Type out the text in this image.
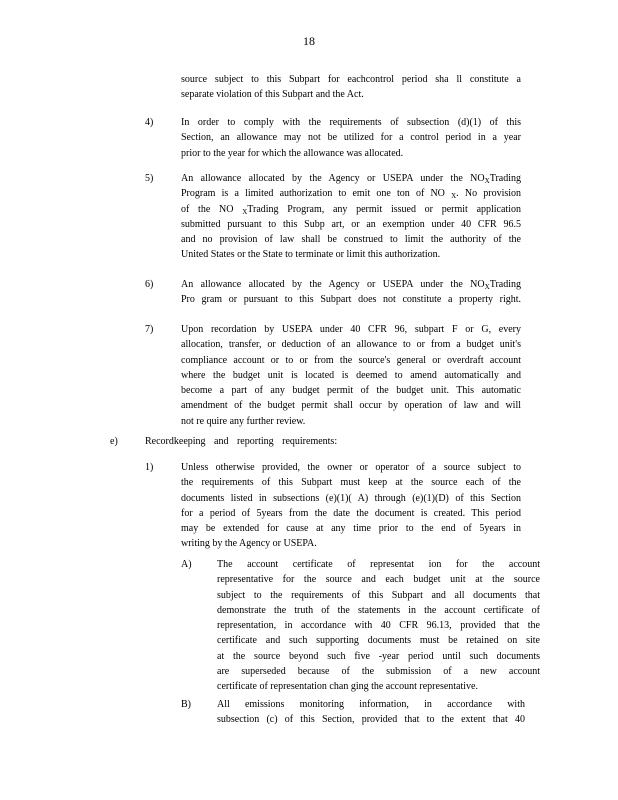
18
source subject to this Subpart for eachcontrol period sha ll constitute a
separate violation of this Subpart and the Act.
4)	In order to comply with the requirements of subsection (d)(1) of this
Section, an allowance may not be utilized for a control period in a year
prior to the year for which the allowance was allocated.
5)	An allowance allocated by the Agency or USEPA under the $NO_XTrading$
Program is a limited authorization to emit one ton of NO $_X$. No provision
of the NO $_X$Trading Program, any permit issued or permit application
submitted pursuant to this Subp art, or an exemption under 40 CFR 96.5
and no provision of law shall be construed to limit the authority of the
United States or the State to terminate or limit this authorization.
6)	An allowance allocated by the Agency or USEPA under the $NO_XTrading$
Pro gram or pursuant to this Subpart does not constitute a property right.
7)	Upon recordation by USEPA under 40 CFR 96, subpart F or G, every
allocation, transfer, or deduction of an allowance to or from a budget unit's
compliance account or to or from the source's general or overdraft account
where the budget unit is located is deemed to amend automatically and
become a part of any budget permit of the budget unit. This automatic
amendment of the budget permit shall occur by operation of law and will
not re quire any further review.
e)	Recordkeeping and reporting requirements:
1)	Unless otherwise provided, the owner or operator of a source subject to
the requirements of this Subpart must keep at the source each of the
documents listed in subsections (e)(1)( A) through (e)(1)(D) of this Section
for a period of 5years from the date the document is created. This period
may be extended for cause at any time prior to the end of 5years in
writing by the Agency or USEPA.
A)	The account certificate of representat ion for the account
representative for the source and each budget unit at the source
subject to the requirements of this Subpart and all documents that
demonstrate the truth of the statements in the account certificate of
representation, in accordance with 40 CFR 96.13, provided that the
certificate and such supporting documents must be retained on site
at the source beyond such five -year period until such documents
are superseded because of the submission of a new account
certificate of representation chan ging the account representative.
B)	All emissions monitoring information, in accordance with
subsection (c) of this Section, provided that to the extent that 40
